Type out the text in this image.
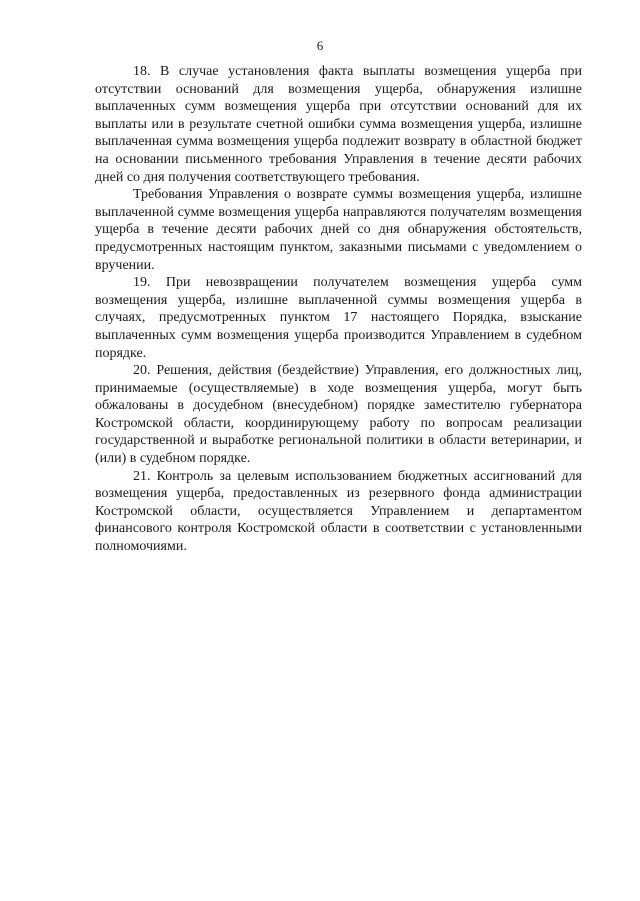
6

18. В случае установления факта выплаты возмещения ущерба при отсутствии оснований для возмещения ущерба, обнаружения излишне выплаченных сумм возмещения ущерба при отсутствии оснований для их выплаты или в результате счетной ошибки сумма возмещения ущерба, излишне выплаченная сумма возмещения ущерба подлежит возврату в областной бюджет на основании письменного требования Управления в течение десяти рабочих дней со дня получения соответствующего требования.

Требования Управления о возврате суммы возмещения ущерба, излишне выплаченной сумме возмещения ущерба направляются получателям возмещения ущерба в течение десяти рабочих дней со дня обнаружения обстоятельств, предусмотренных настоящим пунктом, заказными письмами с уведомлением о вручении.

19. При невозвращении получателем возмещения ущерба сумм возмещения ущерба, излишне выплаченной суммы возмещения ущерба в случаях, предусмотренных пунктом 17 настоящего Порядка, взыскание выплаченных сумм возмещения ущерба производится Управлением в судебном порядке.

20. Решения, действия (бездействие) Управления, его должностных лиц, принимаемые (осуществляемые) в ходе возмещения ущерба, могут быть обжалованы в досудебном (внесудебном) порядке заместителю губернатора Костромской области, координирующему работу по вопросам реализации государственной и выработке региональной политики в области ветеринарии, и (или) в судебном порядке.

21. Контроль за целевым использованием бюджетных ассигнований для возмещения ущерба, предоставленных из резервного фонда администрации Костромской области, осуществляется Управлением и департаментом финансового контроля Костромской области в соответствии с установленными полномочиями.
